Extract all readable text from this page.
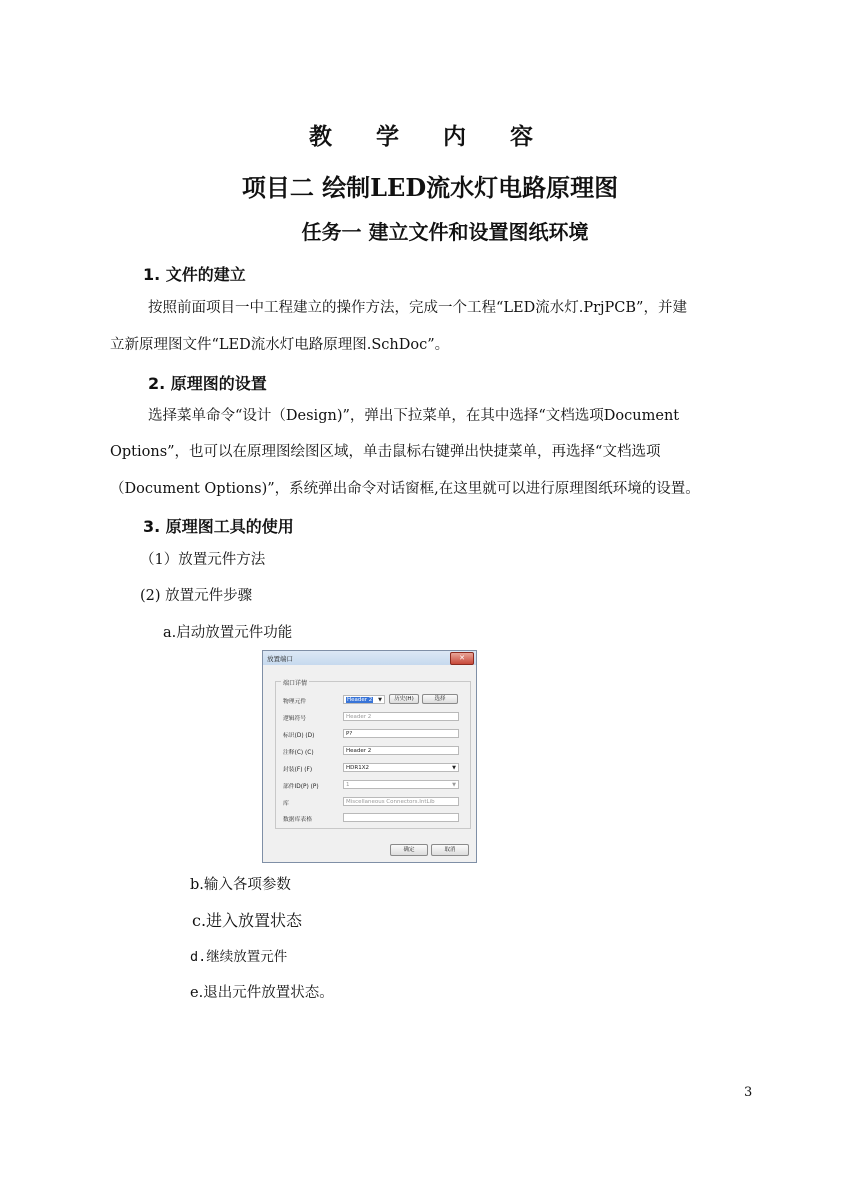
教 学 内 容
项目二 绘制LED流水灯电路原理图
任务一 建立文件和设置图纸环境
1. 文件的建立
按照前面项目一中工程建立的操作方法，完成一个工程“LED流水灯.PrjPCB”，并建
立新原理图文件“LED流水灯电路原理图.SchDoc”。
2. 原理图的设置
选择菜单命令“设计（Design)”，弹出下拉菜单，在其中选择“文档选项Document
Options”，也可以在原理图绘图区域，单击鼠标右键弹出快捷菜单，再选择“文档选项
（Document Options)”，系统弹出命令对话窗框,在这里就可以进行原理图纸环境的设置。
3. 原理图工具的使用
（1）放置元件方法
(2) 放置元件步骤
a.启动放置元件功能
放置端口	✕
端口详情
物理元件	Header 2 ▼	历史(H)	选择
逻辑符号	Header 2
标识(D) (D)	P?
注释(C) (C)	Header 2
封装(F) (F)	HDR1X2	▼
部件ID(P) (P)	1	▼
库	Miscellaneous Connectors.IntLib
数据库表格
确定	取消
b.输入各项参数
c.进入放置状态
d.继续放置元件
e.退出元件放置状态。
3
